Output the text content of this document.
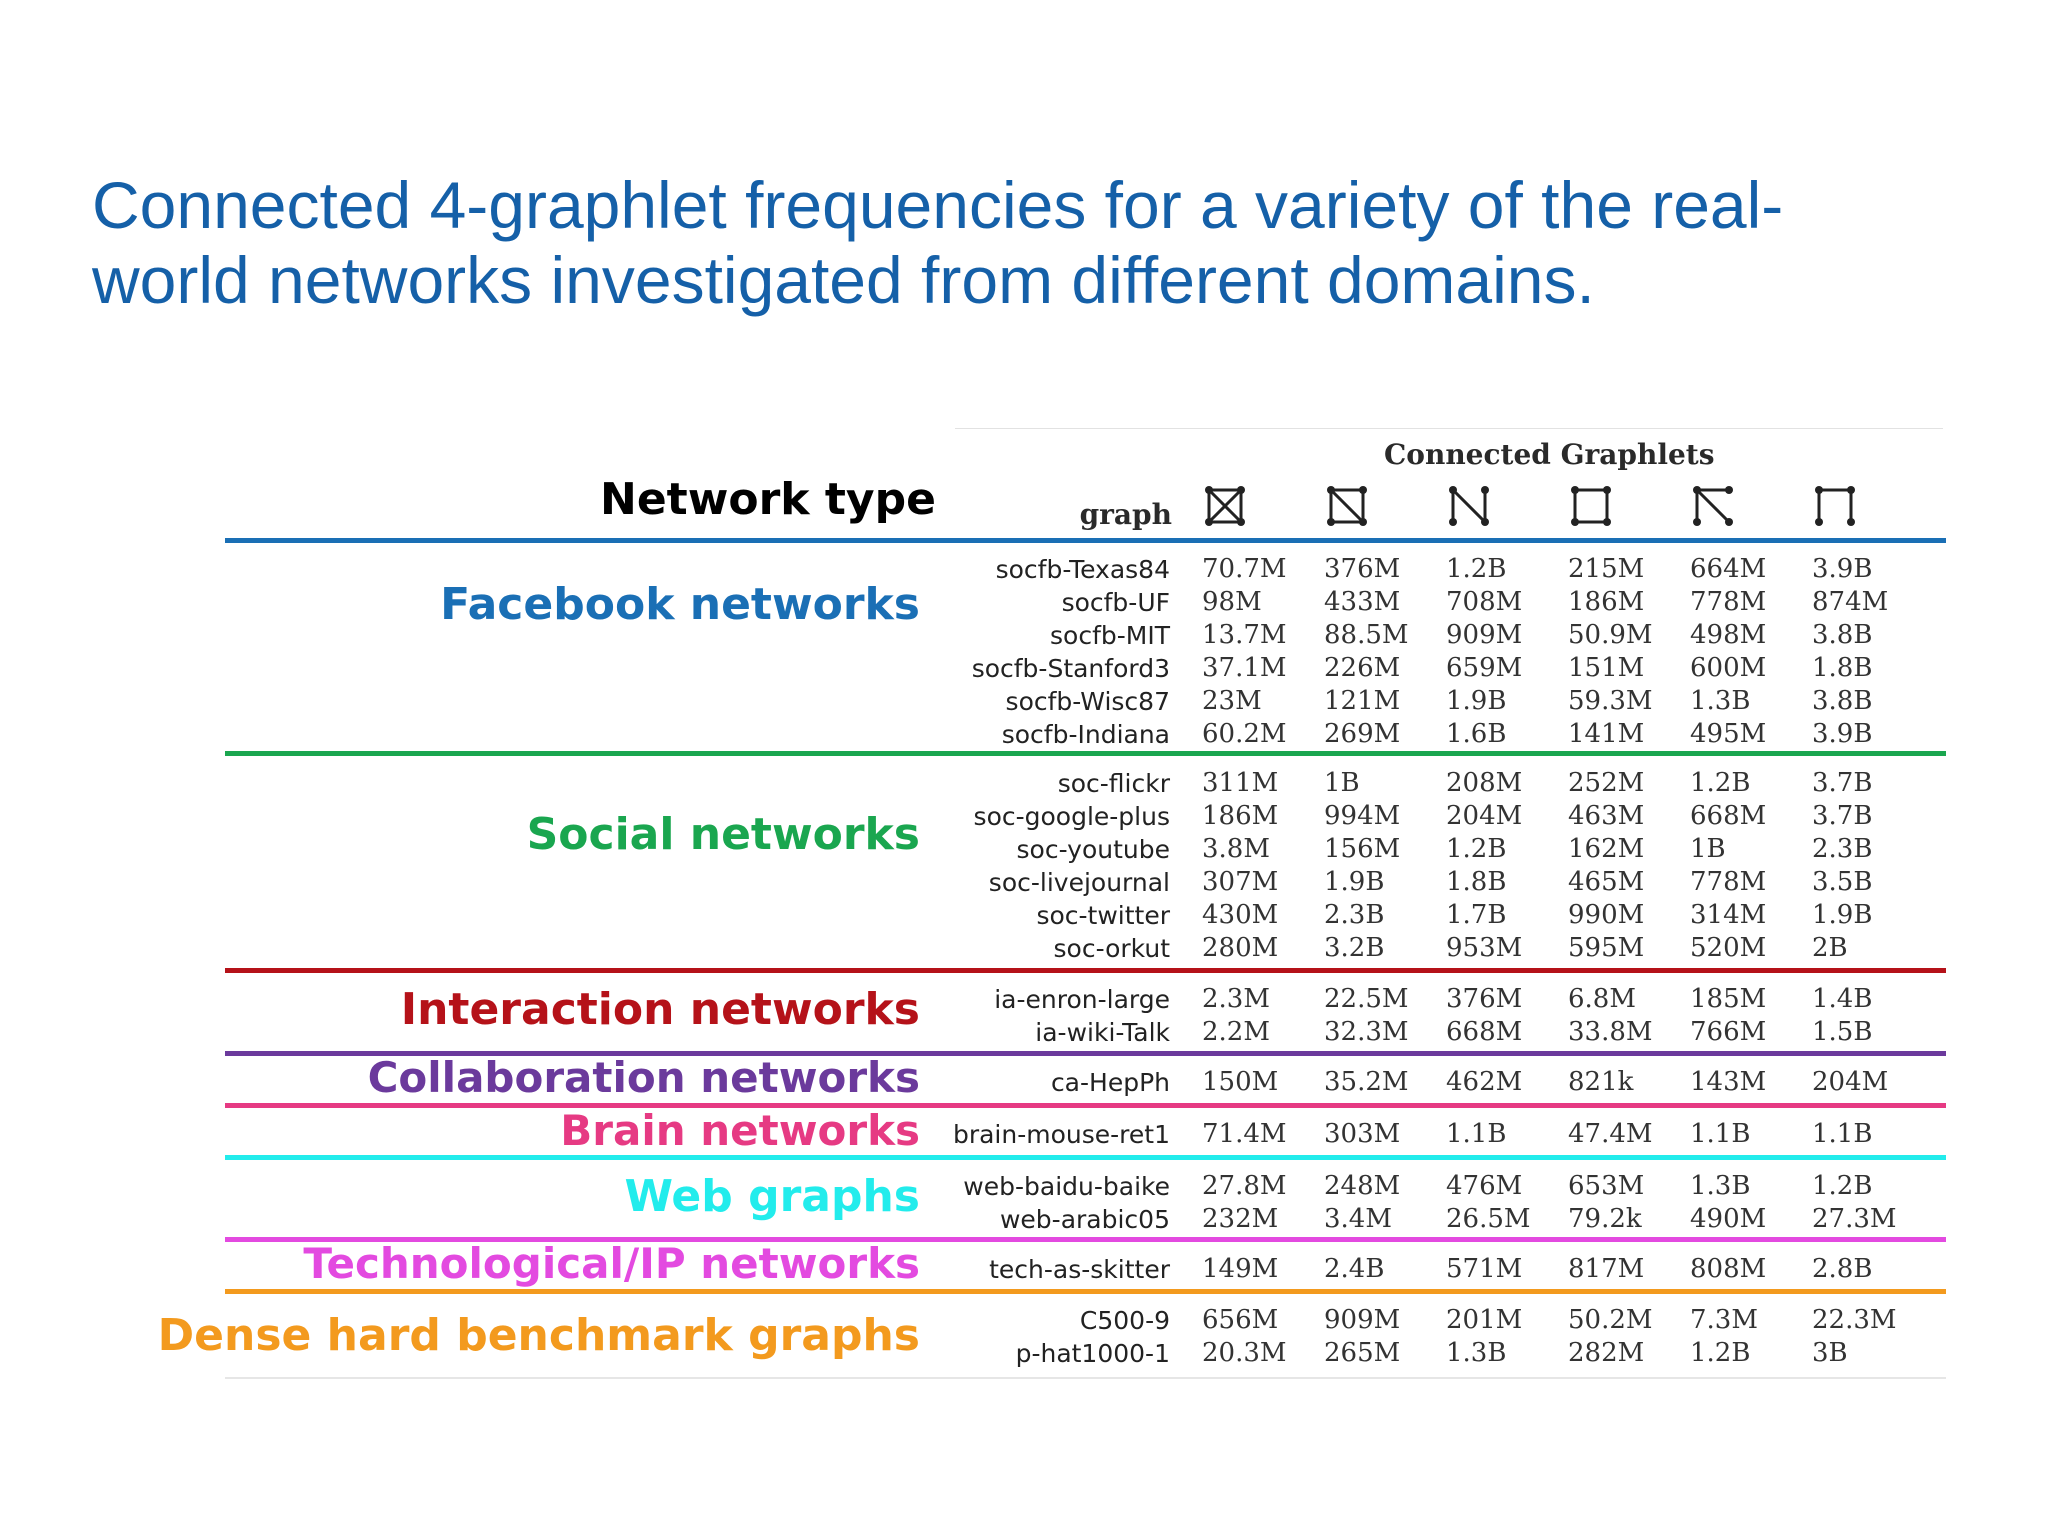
Connected 4-graphlet frequencies for a variety of the real-
world networks investigated from different domains.
Connected Graphlets
Network type	graph
Facebook networks
socfb-Texas84 70.7M 376M 1.2B 215M 664M 3.9B
socfb-UF 98M 433M 708M 186M 778M 874M
socfb-MIT 13.7M 88.5M 909M 50.9M 498M 3.8B
socfb-Stanford3 37.1M 226M 659M 151M 600M 1.8B
socfb-Wisc87 23M 121M 1.9B 59.3M 1.3B 3.8B
socfb-Indiana 60.2M 269M 1.6B 141M 495M 3.9B
Social networks
soc-flickr 311M 1B	208M 252M 1.2B 3.7B
soc-google-plus 186M 994M 204M 463M 668M 3.7B
soc-youtube 3.8M 156M 1.2B 162M 1B	2.3B
soc-livejournal 307M 1.9B 1.8B 465M 778M 3.5B
soc-twitter 430M 2.3B 1.7B 990M 314M 1.9B
soc-orkut 280M 3.2B 953M 595M 520M 2B
Interaction networks	ia-enron-large 2.3M 22.5M 376M 6.8M 185M 1.4B
ia-wiki-Talk 2.2M 32.3M 668M 33.8M 766M 1.5B
Collaboration networks	ca-HepPh 150M 35.2M 462M 821k 143M 204M
Brain networks brain-mouse-ret1 71.4M 303M 1.1B 47.4M 1.1B 1.1B
Web graphs web-baidu-baike 27.8M 248M 476M 653M 1.3B 1.2B
web-arabic05 232M 3.4M 26.5M 79.2k 490M 27.3M
Technological/IP networks	tech-as-skitter 149M 2.4B 571M 817M 808M 2.8B
Dense hard benchmark graphs	C500-9 656M 909M 201M 50.2M 7.3M 22.3M
p-hat1000-1 20.3M 265M 1.3B 282M 1.2B 3B
